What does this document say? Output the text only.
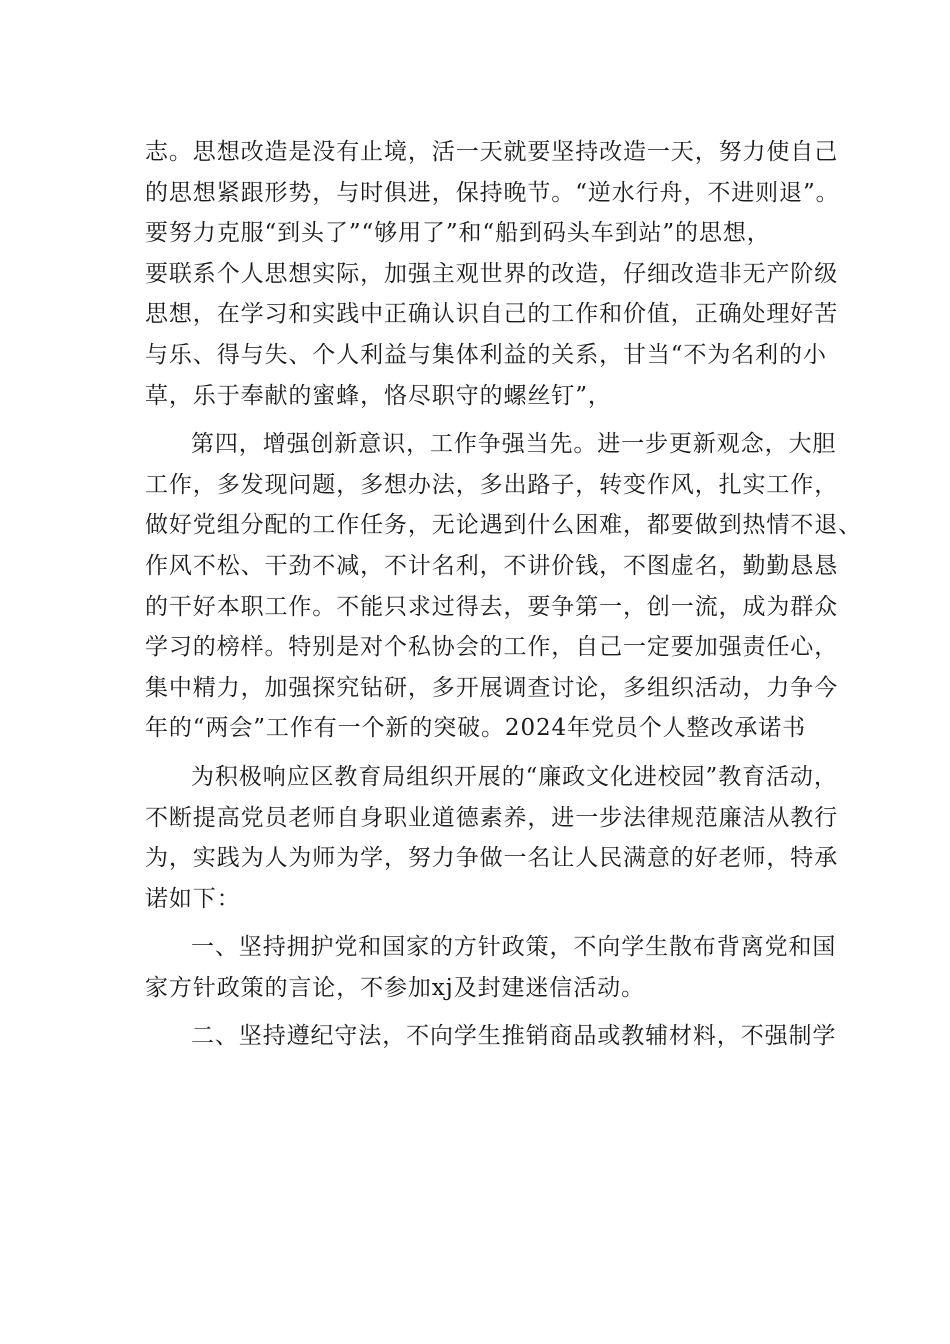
志。思想改造是没有止境，活一天就要坚持改造一天，努力使自己
的思想紧跟形势，与时俱进，保持晚节。“逆水行舟，不进则退”。
要努力克服“到头了”“够用了”和“船到码头车到站”的思想，
要联系个人思想实际，加强主观世界的改造，仔细改造非无产阶级
思想，在学习和实践中正确认识自己的工作和价值，正确处理好苦
与乐、得与失、个人利益与集体利益的关系，甘当“不为名利的小
草，乐于奉献的蜜蜂，恪尽职守的螺丝钉”，
第四，增强创新意识，工作争强当先。进一步更新观念，大胆
工作，多发现问题，多想办法，多出路子，转变作风，扎实工作，
做好党组分配的工作任务，无论遇到什么困难，都要做到热情不退、
作风不松、干劲不减，不计名利，不讲价钱，不图虚名，勤勤恳恳
的干好本职工作。不能只求过得去，要争第一，创一流，成为群众
学习的榜样。特别是对个私协会的工作，自己一定要加强责任心，
集中精力，加强探究钻研，多开展调查讨论，多组织活动，力争今
年的“两会”工作有一个新的突破。2024年党员个人整改承诺书
为积极响应区教育局组织开展的“廉政文化进校园”教育活动，
不断提高党员老师自身职业道德素养，进一步法律规范廉洁从教行
为，实践为人为师为学，努力争做一名让人民满意的好老师，特承
诺如下：
一、坚持拥护党和国家的方针政策，不向学生散布背离党和国
家方针政策的言论，不参加xj及封建迷信活动。
二、坚持遵纪守法，不向学生推销商品或教辅材料，不强制学
